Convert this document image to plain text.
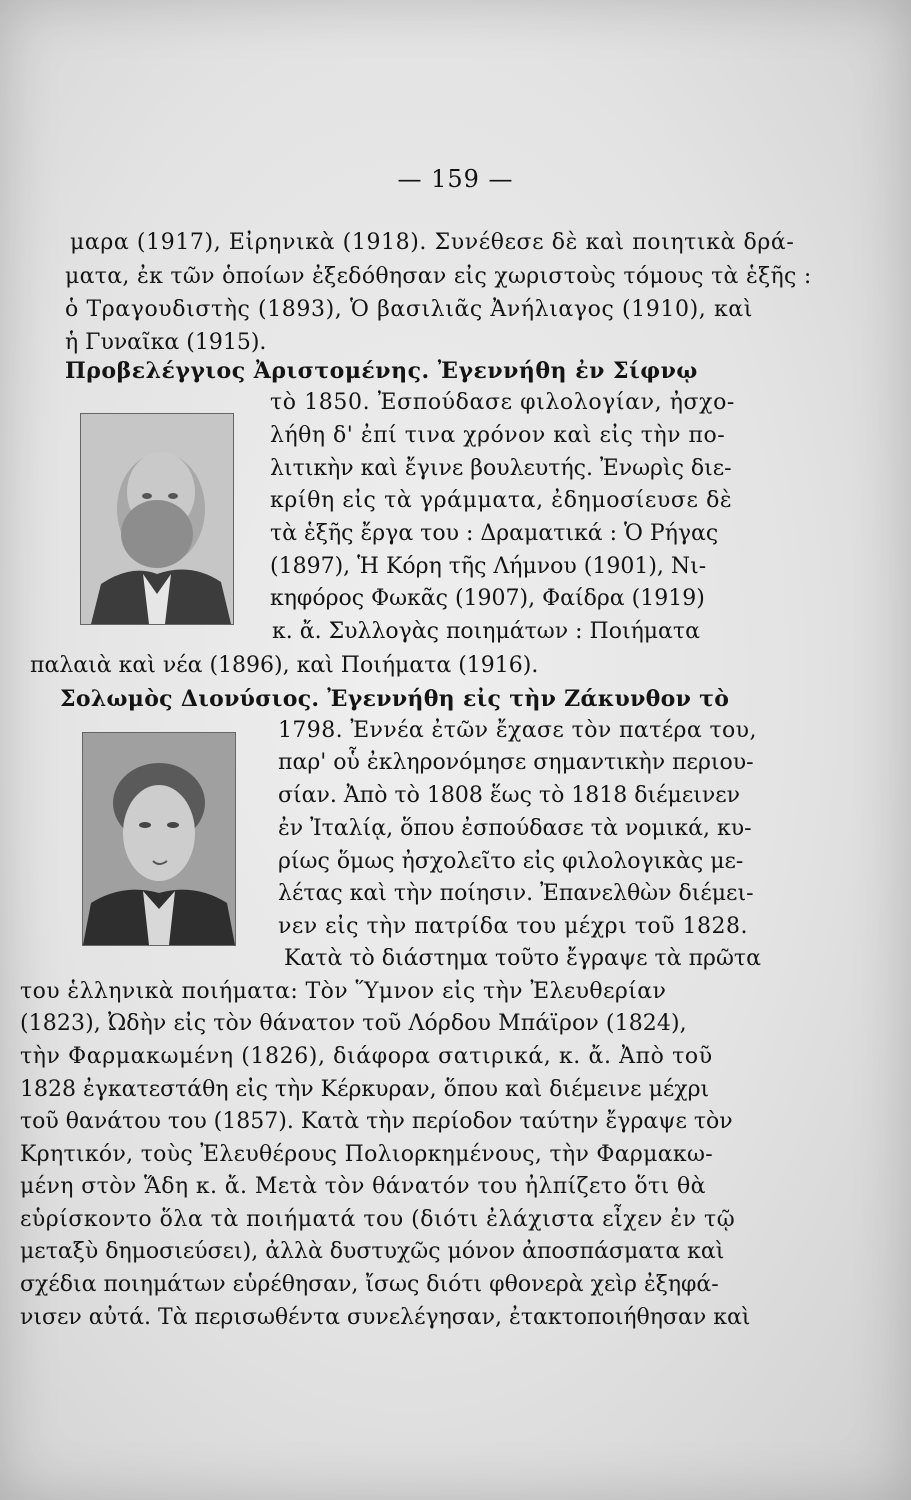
— 159 —
μαρα (1917), Εἰρηνικὰ (1918). Συνέθεσε δὲ καὶ ποιητικὰ δρά-
ματα, ἐκ τῶν ὁποίων ἐξεδόθησαν εἰς χωριστοὺς τόμους τὰ ἑξῆς :
ὁ Τραγουδιστὴς (1893), Ὁ βασιλιᾶς Ἀνήλιαγος (1910), καὶ
ἡ Γυναῖκα (1915).
Προβελέγγιος Ἀριστομένης. Ἐγεννήθη ἐν Σίφνῳ
τὸ 1850. Ἐσπούδασε φιλολογίαν, ἠσχο-
λήθη δ' ἐπί τινα χρόνον καὶ εἰς τὴν πο-
λιτικὴν καὶ ἔγινε βουλευτής. Ἐνωρὶς διε-
κρίθη εἰς τὰ γράμματα, ἐδημοσίευσε δὲ
τὰ ἑξῆς ἔργα του : Δραματικά : Ὁ Ρήγας
(1897), Ἡ Κόρη τῆς Λήμνου (1901), Νι-
κηφόρος Φωκᾶς (1907), Φαίδρα (1919)
κ. ἄ. Συλλογὰς ποιημάτων : Ποιήματα
παλαιὰ καὶ νέα (1896), καὶ Ποιήματα (1916).
Σολωμὸς Διονύσιος. Ἐγεννήθη εἰς τὴν Ζάκυνθον τὸ
1798. Ἐννέα ἐτῶν ἔχασε τὸν πατέρα του,
παρ' οὗ ἐκληρονόμησε σημαντικὴν περιου-
σίαν. Ἀπὸ τὸ 1808 ἕως τὸ 1818 διέμεινεν
ἐν Ἰταλίᾳ, ὅπου ἐσπούδασε τὰ νομικά, κυ-
ρίως ὅμως ἠσχολεῖτο εἰς φιλολογικὰς με-
λέτας καὶ τὴν ποίησιν. Ἐπανελθὼν διέμει-
νεν εἰς τὴν πατρίδα του μέχρι τοῦ 1828.
Κατὰ τὸ διάστημα τοῦτο ἔγραψε τὰ πρῶτα
του ἑλληνικὰ ποιήματα: Τὸν Ὕμνον εἰς τὴν Ἐλευθερίαν
(1823), Ὠδὴν εἰς τὸν θάνατον τοῦ Λόρδου Μπάϊρον (1824),
τὴν Φαρμακωμένη (1826), διάφορα σατιρικά, κ. ἄ. Ἀπὸ τοῦ
1828 ἐγκατεστάθη εἰς τὴν Κέρκυραν, ὅπου καὶ διέμεινε μέχρι
τοῦ θανάτου του (1857). Κατὰ τὴν περίοδον ταύτην ἔγραψε τὸν
Κρητικόν, τοὺς Ἐλευθέρους Πολιορκημένους, τὴν Φαρμακω-
μένη στὸν Ἅδη κ. ἄ. Μετὰ τὸν θάνατόν του ἠλπίζετο ὅτι θὰ
εὑρίσκοντο ὅλα τὰ ποιήματά του (διότι ἐλάχιστα εἶχεν ἐν τῷ
μεταξὺ δημοσιεύσει), ἀλλὰ δυστυχῶς μόνον ἀποσπάσματα καὶ
σχέδια ποιημάτων εὑρέθησαν, ἴσως διότι φθονερὰ χεὶρ ἐξηφά-
νισεν αὐτά. Τὰ περισωθέντα συνελέγησαν, ἐτακτοποιήθησαν καὶ
